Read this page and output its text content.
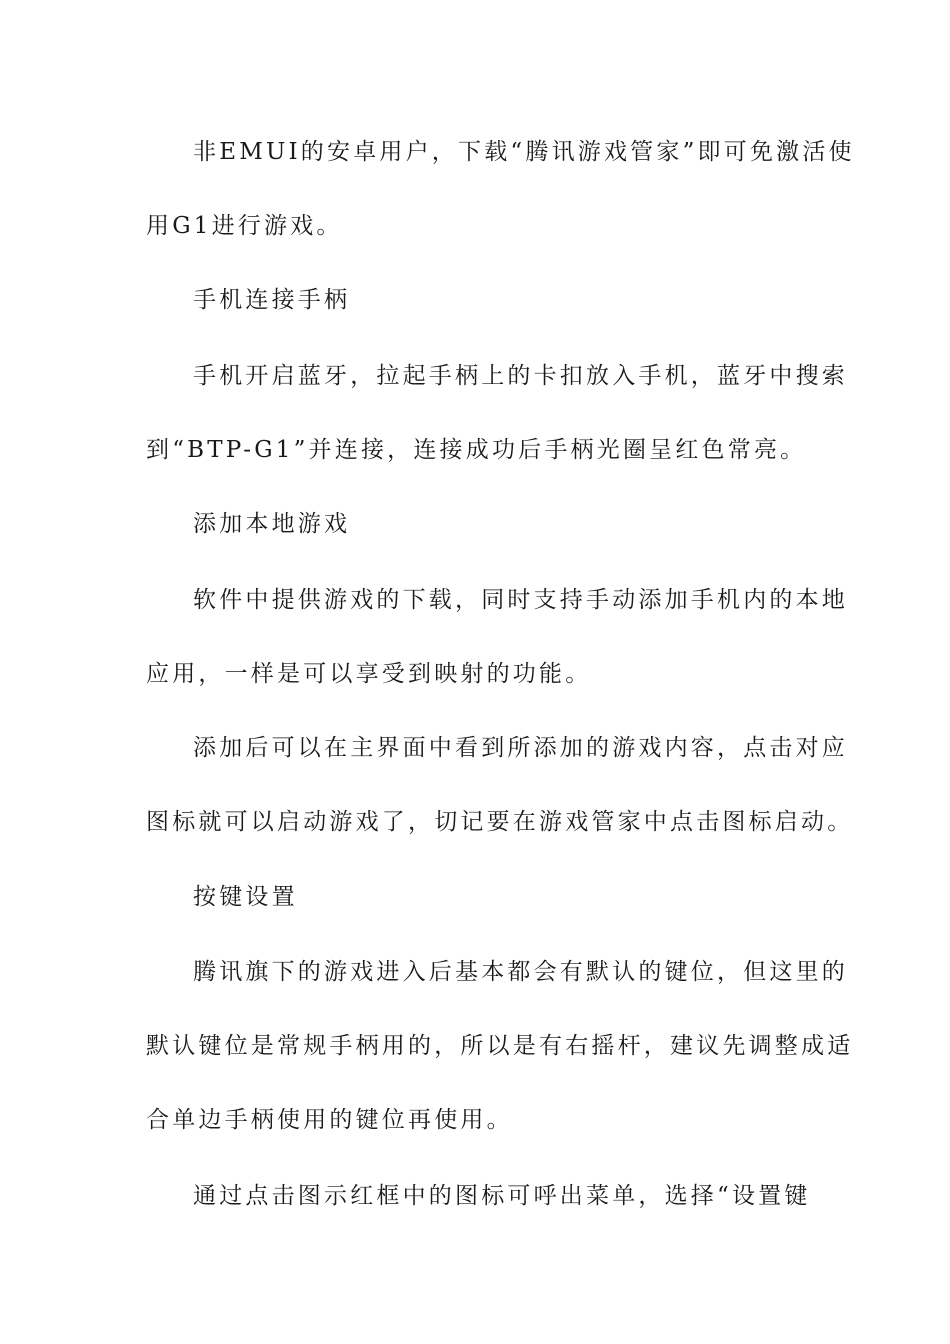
非EMUI的安卓用户，下载“腾讯游戏管家”即可免激活使
用G1进行游戏。
手机连接手柄
手机开启蓝牙，拉起手柄上的卡扣放入手机，蓝牙中搜索
到“BTP-G1”并连接，连接成功后手柄光圈呈红色常亮。
添加本地游戏
软件中提供游戏的下载，同时支持手动添加手机内的本地
应用，一样是可以享受到映射的功能。
添加后可以在主界面中看到所添加的游戏内容，点击对应
图标就可以启动游戏了，切记要在游戏管家中点击图标启动。
按键设置
腾讯旗下的游戏进入后基本都会有默认的键位，但这里的
默认键位是常规手柄用的，所以是有右摇杆，建议先调整成适
合单边手柄使用的键位再使用。
通过点击图示红框中的图标可呼出菜单，选择“设置键
